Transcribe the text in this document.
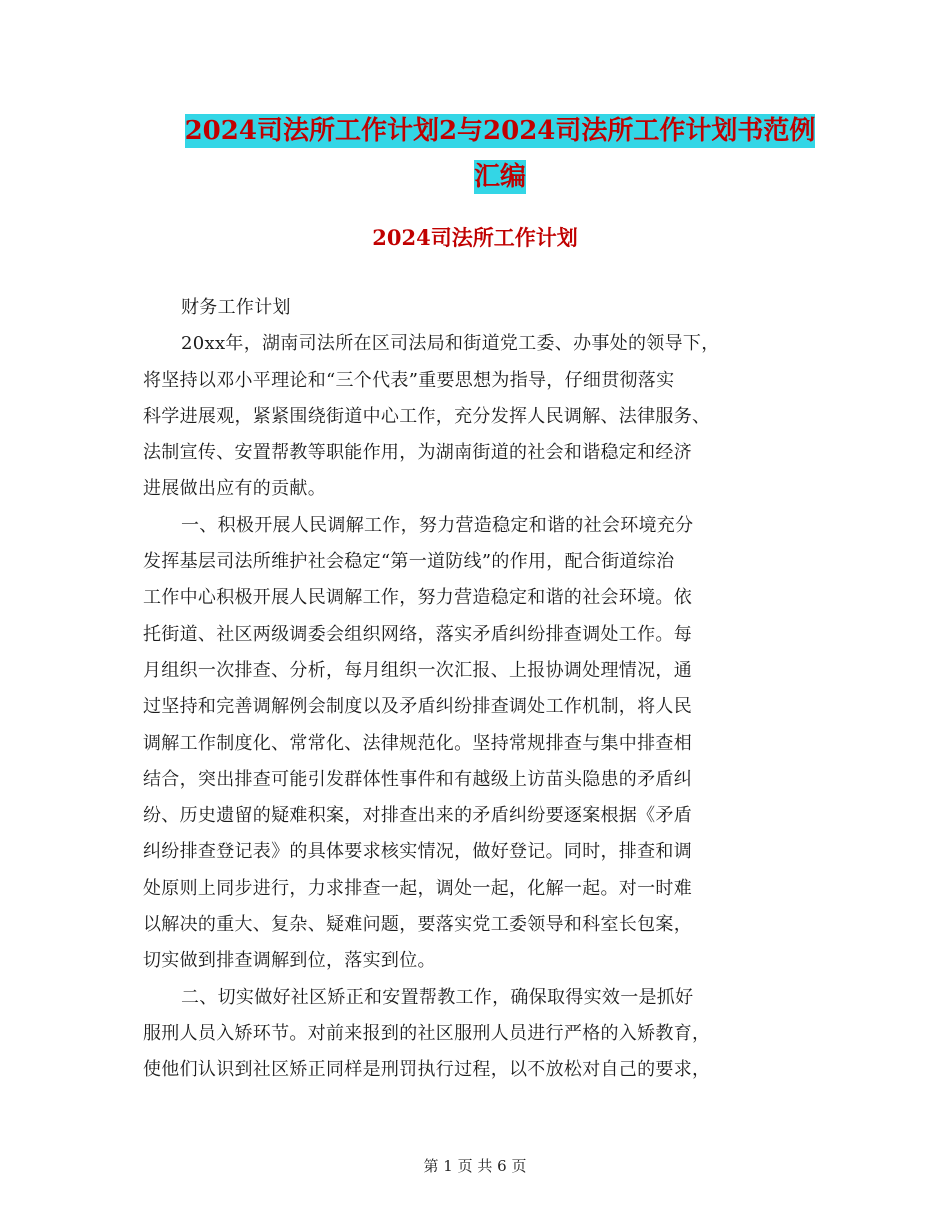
2024司法所工作计划2与2024司法所工作计划书范例
汇编
2024司法所工作计划
财务工作计划
20xx年，湖南司法所在区司法局和街道党工委、办事处的领导下，
将坚持以邓小平理论和“三个代表”重要思想为指导，仔细贯彻落实
科学进展观，紧紧围绕街道中心工作，充分发挥人民调解、法律服务、
法制宣传、安置帮教等职能作用，为湖南街道的社会和谐稳定和经济
进展做出应有的贡献。
一、积极开展人民调解工作，努力营造稳定和谐的社会环境充分
发挥基层司法所维护社会稳定“第一道防线”的作用，配合街道综治
工作中心积极开展人民调解工作，努力营造稳定和谐的社会环境。依
托街道、社区两级调委会组织网络，落实矛盾纠纷排查调处工作。每
月组织一次排查、分析，每月组织一次汇报、上报协调处理情况，通
过坚持和完善调解例会制度以及矛盾纠纷排查调处工作机制，将人民
调解工作制度化、常常化、法律规范化。坚持常规排查与集中排查相
结合，突出排查可能引发群体性事件和有越级上访苗头隐患的矛盾纠
纷、历史遗留的疑难积案，对排查出来的矛盾纠纷要逐案根据《矛盾
纠纷排查登记表》的具体要求核实情况，做好登记。同时，排查和调
处原则上同步进行，力求排查一起，调处一起，化解一起。对一时难
以解决的重大、复杂、疑难问题，要落实党工委领导和科室长包案，
切实做到排查调解到位，落实到位。
二、切实做好社区矫正和安置帮教工作，确保取得实效一是抓好
服刑人员入矫环节。对前来报到的社区服刑人员进行严格的入矫教育，
使他们认识到社区矫正同样是刑罚执行过程，以不放松对自己的要求，
第 1 页 共 6 页
